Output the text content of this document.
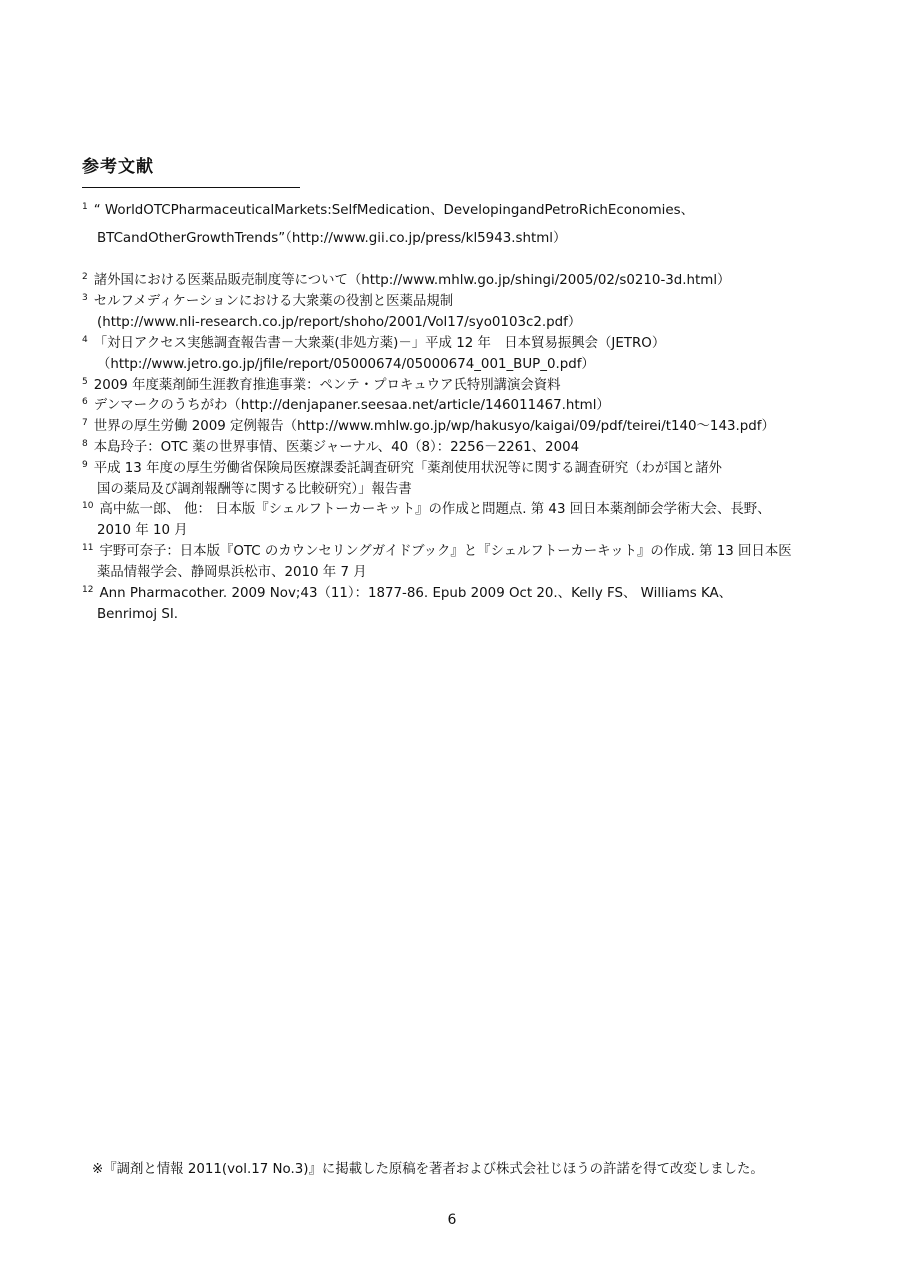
参考文献
$^1$ “ WorldOTCPharmaceuticalMarkets:SelfMedication、DevelopingandPetroRichEconomies、
BTCandOtherGrowthTrends”（http://www.gii.co.jp/press/kl5943.shtml）
$^2$ 諸外国における医薬品販売制度等について（http://www.mhlw.go.jp/shingi/2005/02/s0210-3d.html）
$^3$ セルフメディケーションにおける大衆薬の役割と医薬品規制
(http://www.nli-research.co.jp/report/shoho/2001/Vol17/syo0103c2.pdf）
$^4$ 「対日アクセス実態調査報告書－大衆薬(非処方薬)－」平成 12 年　日本貿易振興会（JETRO）
（http://www.jetro.go.jp/jfile/report/05000674/05000674_001_BUP_0.pdf）
$^5$ 2009 年度薬剤師生涯教育推進事業：ペンテ・プロキュウア氏特別講演会資料
$^6$ デンマークのうちがわ（http://denjapaner.seesaa.net/article/146011467.html）
$^7$ 世界の厚生労働 2009 定例報告（http://www.mhlw.go.jp/wp/hakusyo/kaigai/09/pdf/teirei/t140～143.pdf）
$^8$ 本島玲子：OTC 薬の世界事情、医薬ジャーナル、40（8）：2256－2261、2004
$^9$ 平成 13 年度の厚生労働省保険局医療課委託調査研究「薬剤使用状況等に関する調査研究（わが国と諸外
国の薬局及び調剤報酬等に関する比較研究）」報告書
$^{10}$ 高中紘一郎、 他： 日本版『シェルフトーカーキット』の作成と問題点. 第 43 回日本薬剤師会学術大会、長野、
2010 年 10 月
$^{11}$ 宇野可奈子：日本版『OTC のカウンセリングガイドブック』と『シェルフトーカーキット』の作成. 第 13 回日本医
薬品情報学会、静岡県浜松市、2010 年 7 月
$^{12}$ Ann Pharmacother. 2009 Nov;43（11）：1877-86. Epub 2009 Oct 20.、Kelly FS、 Williams KA、
Benrimoj SI.
※『調剤と情報 2011(vol.17 No.3)』に掲載した原稿を著者および株式会社じほうの許諾を得て改変しました。
6
